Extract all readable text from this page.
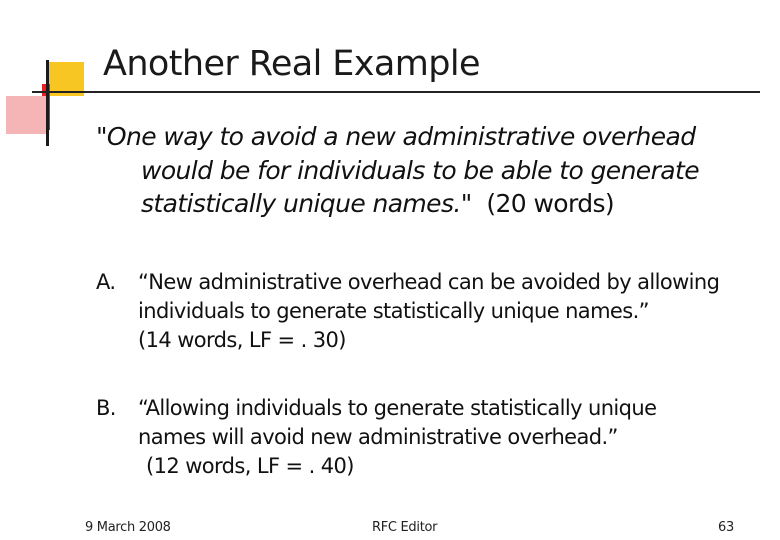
Another Real Example
"One way to avoid a new administrative overhead
would be for individuals to be able to generate
statistically unique names." (20 words)
A.	“New administrative overhead can be avoided by allowing
individuals to generate statistically unique names.”
(14 words, LF = . 30)
B.	“Allowing individuals to generate statistically unique
names will avoid new administrative overhead.”
(12 words, LF = . 40)
9 March 2008	RFC Editor	63
